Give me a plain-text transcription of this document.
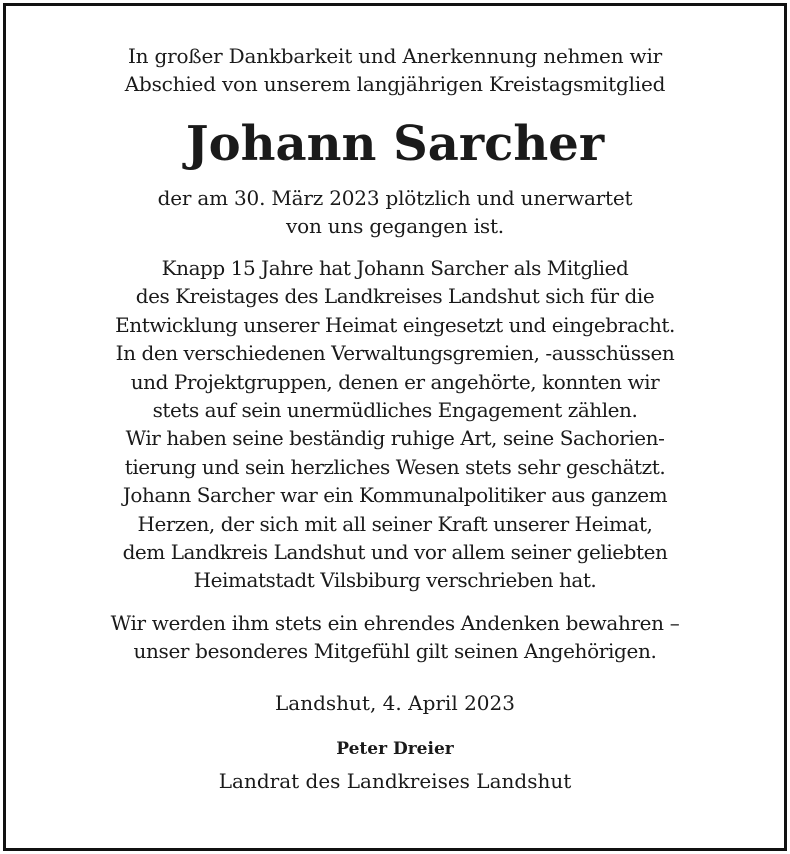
In großer Dankbarkeit und Anerkennung nehmen wir
Abschied von unserem langjährigen Kreistagsmitglied

Johann Sarcher

der am 30. März 2023 plötzlich und unerwartet
von uns gegangen ist.

Knapp 15 Jahre hat Johann Sarcher als Mitglied
des Kreistages des Landkreises Landshut sich für die
Entwicklung unserer Heimat eingesetzt und eingebracht.
In den verschiedenen Verwaltungsgremien, -ausschüssen
und Projektgruppen, denen er angehörte, konnten wir
stets auf sein unermüdliches Engagement zählen.
Wir haben seine beständig ruhige Art, seine Sachorien-
tierung und sein herzliches Wesen stets sehr geschätzt.
Johann Sarcher war ein Kommunalpolitiker aus ganzem
Herzen, der sich mit all seiner Kraft unserer Heimat,
dem Landkreis Landshut und vor allem seiner geliebten
Heimatstadt Vilsbiburg verschrieben hat.

Wir werden ihm stets ein ehrendes Andenken bewahren –
unser besonderes Mitgefühl gilt seinen Angehörigen.

Landshut, 4. April 2023

Peter Dreier

Landrat des Landkreises Landshut
